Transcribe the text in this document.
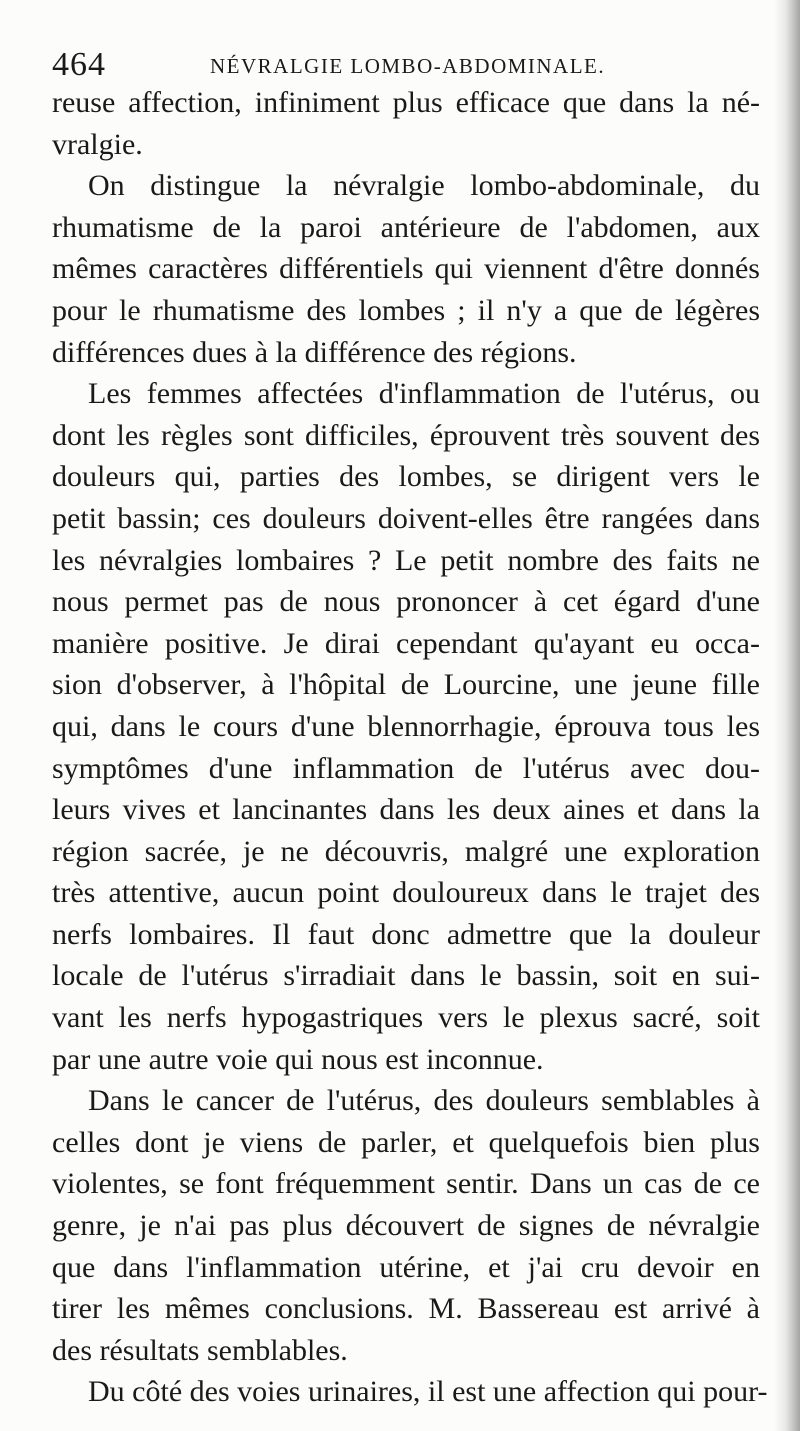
464	NÉVRALGIE LOMBO-ABDOMINALE.
reuse affection, infiniment plus efficace que dans la né-
vralgie.
On distingue la névralgie lombo-abdominale, du
rhumatisme de la paroi antérieure de l'abdomen, aux
mêmes caractères différentiels qui viennent d'être donnés
pour le rhumatisme des lombes ; il n'y a que de légères
différences dues à la différence des régions.
Les femmes affectées d'inflammation de l'utérus, ou
dont les règles sont difficiles, éprouvent très souvent des
douleurs qui, parties des lombes, se dirigent vers le
petit bassin; ces douleurs doivent-elles être rangées dans
les névralgies lombaires ? Le petit nombre des faits ne
nous permet pas de nous prononcer à cet égard d'une
manière positive. Je dirai cependant qu'ayant eu occa-
sion d'observer, à l'hôpital de Lourcine, une jeune fille
qui, dans le cours d'une blennorrhagie, éprouva tous les
symptômes d'une inflammation de l'utérus avec dou-
leurs vives et lancinantes dans les deux aines et dans la
région sacrée, je ne découvris, malgré une exploration
très attentive, aucun point douloureux dans le trajet des
nerfs lombaires. Il faut donc admettre que la douleur
locale de l'utérus s'irradiait dans le bassin, soit en sui-
vant les nerfs hypogastriques vers le plexus sacré, soit
par une autre voie qui nous est inconnue.
Dans le cancer de l'utérus, des douleurs semblables à
celles dont je viens de parler, et quelquefois bien plus
violentes, se font fréquemment sentir. Dans un cas de ce
genre, je n'ai pas plus découvert de signes de névralgie
que dans l'inflammation utérine, et j'ai cru devoir en
tirer les mêmes conclusions. M. Bassereau est arrivé à
des résultats semblables.
Du côté des voies urinaires, il est une affection qui pour-
